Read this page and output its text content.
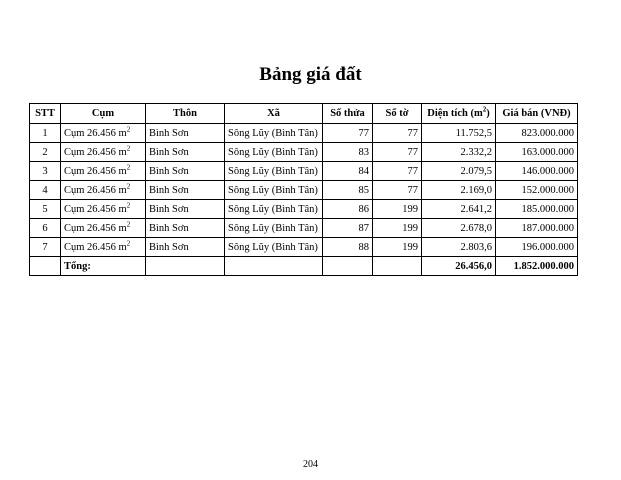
Bảng giá đất
STT	Cụm	Thôn	Xã	Số thửa	Số tờ	Diện tích $(m^2)$	Giá bán (VNĐ)
1	Cụm 26.456 $m^2$	Bình Sơn	Sông Lũy (Bình Tân)	77	77	11.752,5	823.000.000
2	Cụm 26.456 $m^2$	Bình Sơn	Sông Lũy (Bình Tân)	83	77	2.332,2	163.000.000
3	Cụm 26.456 $m^2$	Bình Sơn	Sông Lũy (Bình Tân)	84	77	2.079,5	146.000.000
4	Cụm 26.456 $m^2$	Bình Sơn	Sông Lũy (Bình Tân)	85	77	2.169,0	152.000.000
5	Cụm 26.456 $m^2$	Bình Sơn	Sông Lũy (Bình Tân)	86	199	2.641,2	185.000.000
6	Cụm 26.456 $m^2$	Bình Sơn	Sông Lũy (Bình Tân)	87	199	2.678,0	187.000.000
7	Cụm 26.456 $m^2$	Bình Sơn	Sông Lũy (Bình Tân)	88	199	2.803,6	196.000.000
	Tổng:					26.456,0	1.852.000.000
204
